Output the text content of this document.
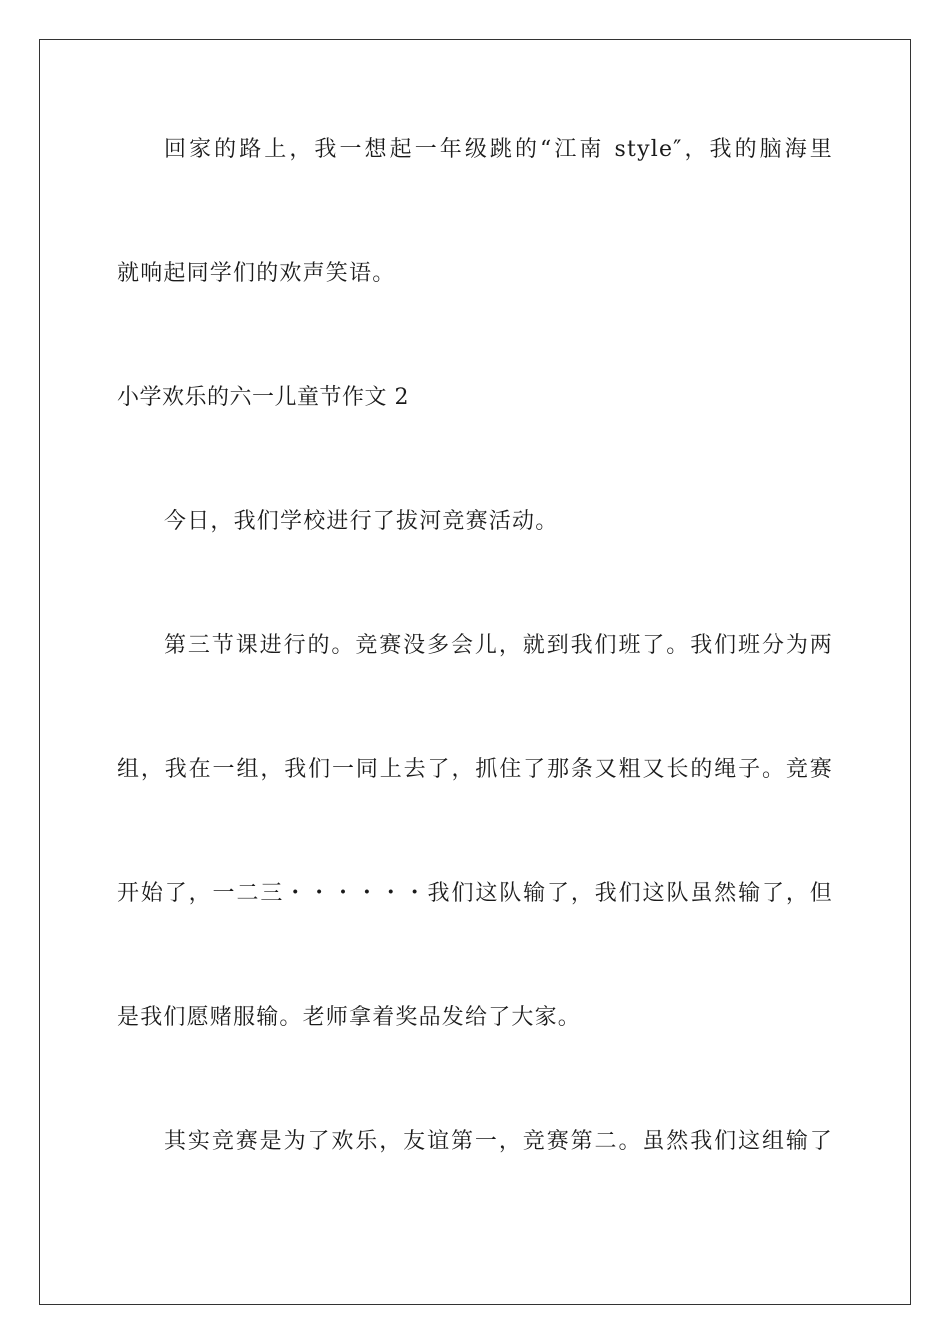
回家的路上，我一想起一年级跳的“江南 style″，我的脑海里
就响起同学们的欢声笑语。
小学欢乐的六一儿童节作文 2
今日，我们学校进行了拔河竞赛活动。
第三节课进行的。竞赛没多会儿，就到我们班了。我们班分为两
组，我在一组，我们一同上去了，抓住了那条又粗又长的绳子。竞赛
开始了，一二三・・・・・・我们这队输了，我们这队虽然输了，但
是我们愿赌服输。老师拿着奖品发给了大家。
其实竞赛是为了欢乐，友谊第一，竞赛第二。虽然我们这组输了
